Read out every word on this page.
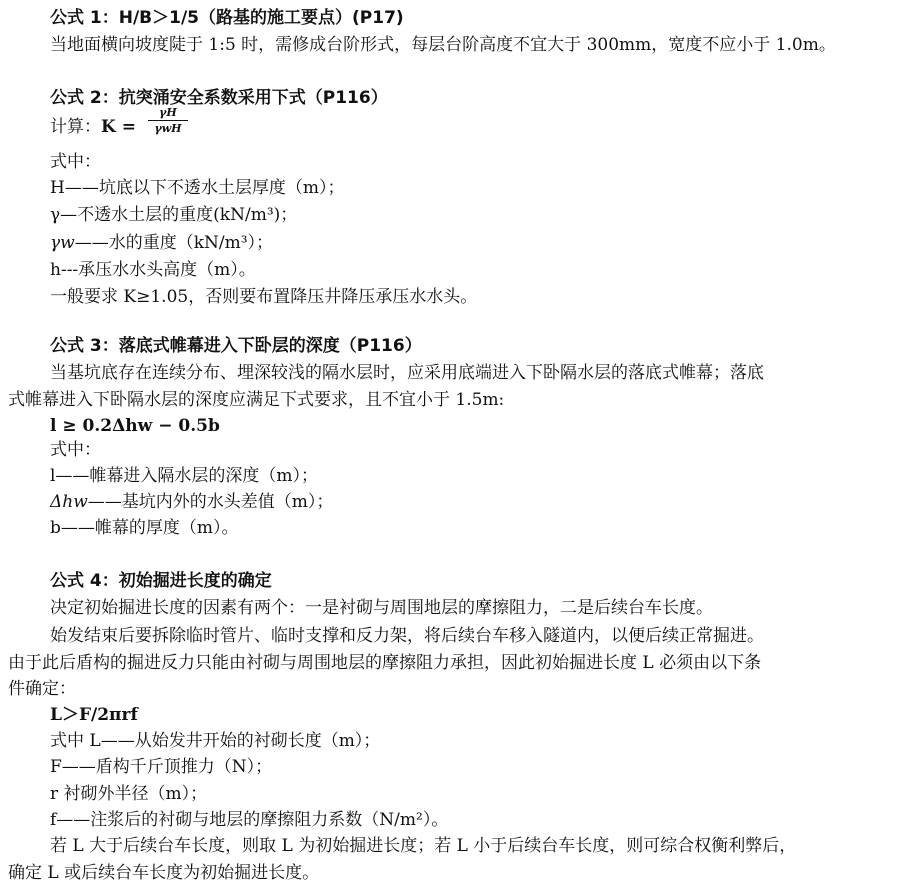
公式 1：H/B＞1/5（路基的施工要点）(P17)
当地面横向坡度陡于 1:5 时，需修成台阶形式，每层台阶高度不宜大于 300mm，宽度不应小于 1.0m。
公式 2：抗突涌安全系数采用下式（P116）
计算：K =
γH
γwH
式中：
H——坑底以下不透水土层厚度（m）；
γ—不透水土层的重度(kN/m³)；
γw——水的重度（kN/m³）；
h---承压水水头高度（m）。
一般要求 K≥1.05，否则要布置降压井降压承压水水头。
公式 3：落底式帷幕进入下卧层的深度（P116）
当基坑底存在连续分布、埋深较浅的隔水层时，应采用底端进入下卧隔水层的落底式帷幕；落底
式帷幕进入下卧隔水层的深度应满足下式要求，且不宜小于 1.5m:
l ≥ 0.2Δhw − 0.5b
式中：
l——帷幕进入隔水层的深度（m）；
Δhw——基坑内外的水头差值（m）；
b——帷幕的厚度（m）。
公式 4：初始掘进长度的确定
决定初始掘进长度的因素有两个：一是衬砌与周围地层的摩擦阻力，二是后续台车长度。
始发结束后要拆除临时管片、临时支撑和反力架，将后续台车移入隧道内，以便后续正常掘进。
由于此后盾构的掘进反力只能由衬砌与周围地层的摩擦阻力承担，因此初始掘进长度 L 必须由以下条
件确定：
L＞F/2πrf
式中 L——从始发井开始的衬砌长度（m）；
F——盾构千斤顶推力（N）；
r 衬砌外半径（m）；
f——注浆后的衬砌与地层的摩擦阻力系数（N/m²）。
若 L 大于后续台车长度，则取 L 为初始掘进长度；若 L 小于后续台车长度，则可综合权衡利弊后，
确定 L 或后续台车长度为初始掘进长度。
